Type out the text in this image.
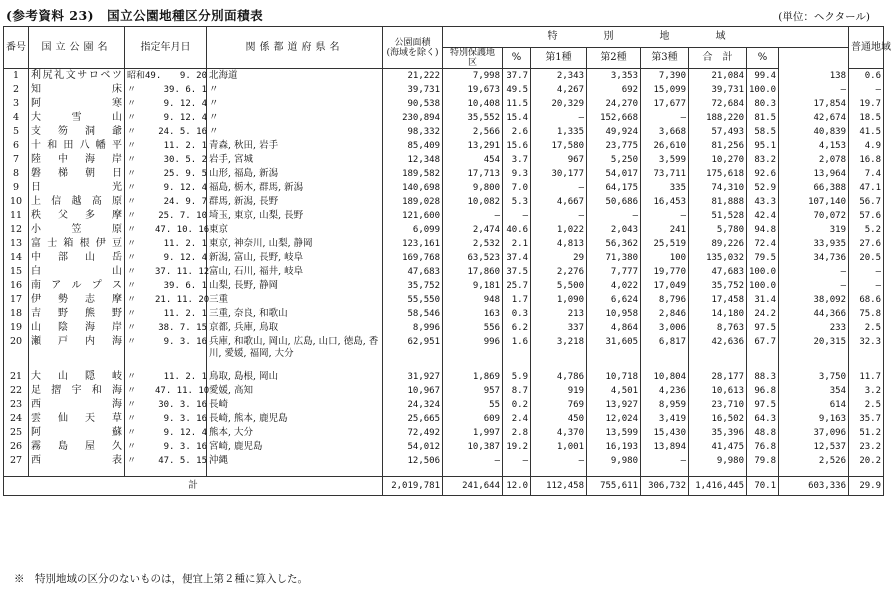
(参考資料 23)　国立公園地種区分別面積表	(単位：ヘクタール)
番号	国立公園名	指定年月日	関係都道府県名	公園面積
(海域を除く)	特　別　地　域								普通地域	
					特別保護地　区	%	第1種	第2種	第3種	合　計	%			
1	利尻礼文サロベツ	昭和49. 9. 20	北海道	21,222	7,998	37.7	2,343	3,353	7,390	21,084	99.4	138	0.6	
2	知　　床	〃 39. 6. 1	〃	39,731	19,673	49.5	4,267	692	15,099	39,731	100.0	—	—	
3	阿　　寒	〃 9. 12. 4	〃	90,538	10,408	11.5	20,329	24,270	17,677	72,684	80.3	17,854	19.7	
4	大　雪　山	〃 9. 12. 4	〃	230,894	35,552	15.4	—	152,668	—	188,220	81.5	42,674	18.5	
5	支　笏　洞　爺	〃 24. 5. 16	〃	98,332	2,566	2.6	1,335	49,924	3,668	57,493	58.5	40,839	41.5	
6	十和田八幡平	〃 11. 2. 1	青森, 秋田, 岩手	85,409	13,291	15.6	17,580	23,775	26,610	81,256	95.1	4,153	4.9	
7	陸　中　海　岸	〃 30. 5. 2	岩手, 宮城	12,348	454	3.7	967	5,250	3,599	10,270	83.2	2,078	16.8	
8	磐　梯　朝　日	〃 25. 9. 5	山形, 福島, 新潟	189,582	17,713	9.3	30,177	54,017	73,711	175,618	92.6	13,964	7.4	
9	日　　光	〃 9. 12. 4	福島, 栃木, 群馬, 新潟	140,698	9,800	7.0	—	64,175	335	74,310	52.9	66,388	47.1	
10	上　信　越　高　原	〃 24. 9. 7	群馬, 新潟, 長野	189,028	10,082	5.3	4,667	50,686	16,453	81,888	43.3	107,140	56.7	
11	秩　父　多　摩	〃 25. 7. 10	埼玉, 東京, 山梨, 長野	121,600	—	—	—	—	—	51,528	42.4	70,072	57.6	
12	小　笠　原	〃 47. 10. 16	東京	6,099	2,474	40.6	1,022	2,043	241	5,780	94.8	319	5.2	
13	富士箱根伊豆	〃 11. 2. 1	東京, 神奈川, 山梨, 静岡	123,161	2,532	2.1	4,813	56,362	25,519	89,226	72.4	33,935	27.6	
14	中　部　山　岳	〃 9. 12. 4	新潟, 富山, 長野, 岐阜	169,768	63,523	37.4	29	71,380	100	135,032	79.5	34,736	20.5	
15	白　　山	〃 37. 11. 12	富山, 石川, 福井, 岐阜	47,683	17,860	37.5	2,276	7,777	19,770	47,683	100.0	—	—	
16	南　ア　ル　プ　ス	〃 39. 6. 1	山梨, 長野, 静岡	35,752	9,181	25.7	5,500	4,022	17,049	35,752	100.0	—	—	
17	伊　勢　志　摩	〃 21. 11. 20	三重	55,550	948	1.7	1,090	6,624	8,796	17,458	31.4	38,092	68.6	
18	吉　野　熊　野	〃 11. 2. 1	三重, 奈良, 和歌山	58,546	163	0.3	213	10,958	2,846	14,180	24.2	44,366	75.8	
19	山　陰　海　岸	〃 38. 7. 15	京都, 兵庫, 鳥取	8,996	556	6.2	337	4,864	3,006	8,763	97.5	233	2.5	
20	瀬　戸　内　海	〃 9. 3. 16	兵庫, 和歌山, 岡山, 広島, 山口, 徳島, 香川, 愛媛, 福岡, 大分	62,951	996	1.6	3,218	31,605	6,817	42,636	67.7	20,315	32.3	

21	大　山　隠　岐	〃 11. 2. 1	鳥取, 島根, 岡山	31,927	1,869	5.9	4,786	10,718	10,804	28,177	88.3	3,750	11.7	
22	足　摺　宇　和　海	〃 47. 11. 10	愛媛, 高知	10,967	957	8.7	919	4,501	4,236	10,613	96.8	354	3.2	
23	西　　海	〃 30. 3. 16	長崎	24,324	55	0.2	769	13,927	8,959	23,710	97.5	614	2.5	
24	雲　仙　天　草	〃 9. 3. 16	長崎, 熊本, 鹿児島	25,665	609	2.4	450	12,024	3,419	16,502	64.3	9,163	35.7	
25	阿　　蘇	〃 9. 12. 4	熊本, 大分	72,492	1,997	2.8	4,370	13,599	15,430	35,396	48.8	37,096	51.2	
26	霧　島　屋　久	〃 9. 3. 16	宮崎, 鹿児島	54,012	10,387	19.2	1,001	16,193	13,894	41,475	76.8	12,537	23.2	
27	西　　表	〃 47. 5. 15	沖縄	12,506	—	—	—	9,980	—	9,980	79.8	2,526	20.2	

計				2,019,781	241,644	12.0	112,458	755,611	306,732	1,416,445	70.1	603,336	29.9	
※　特別地域の区分のないものは，便宜上第２種に算入した。
